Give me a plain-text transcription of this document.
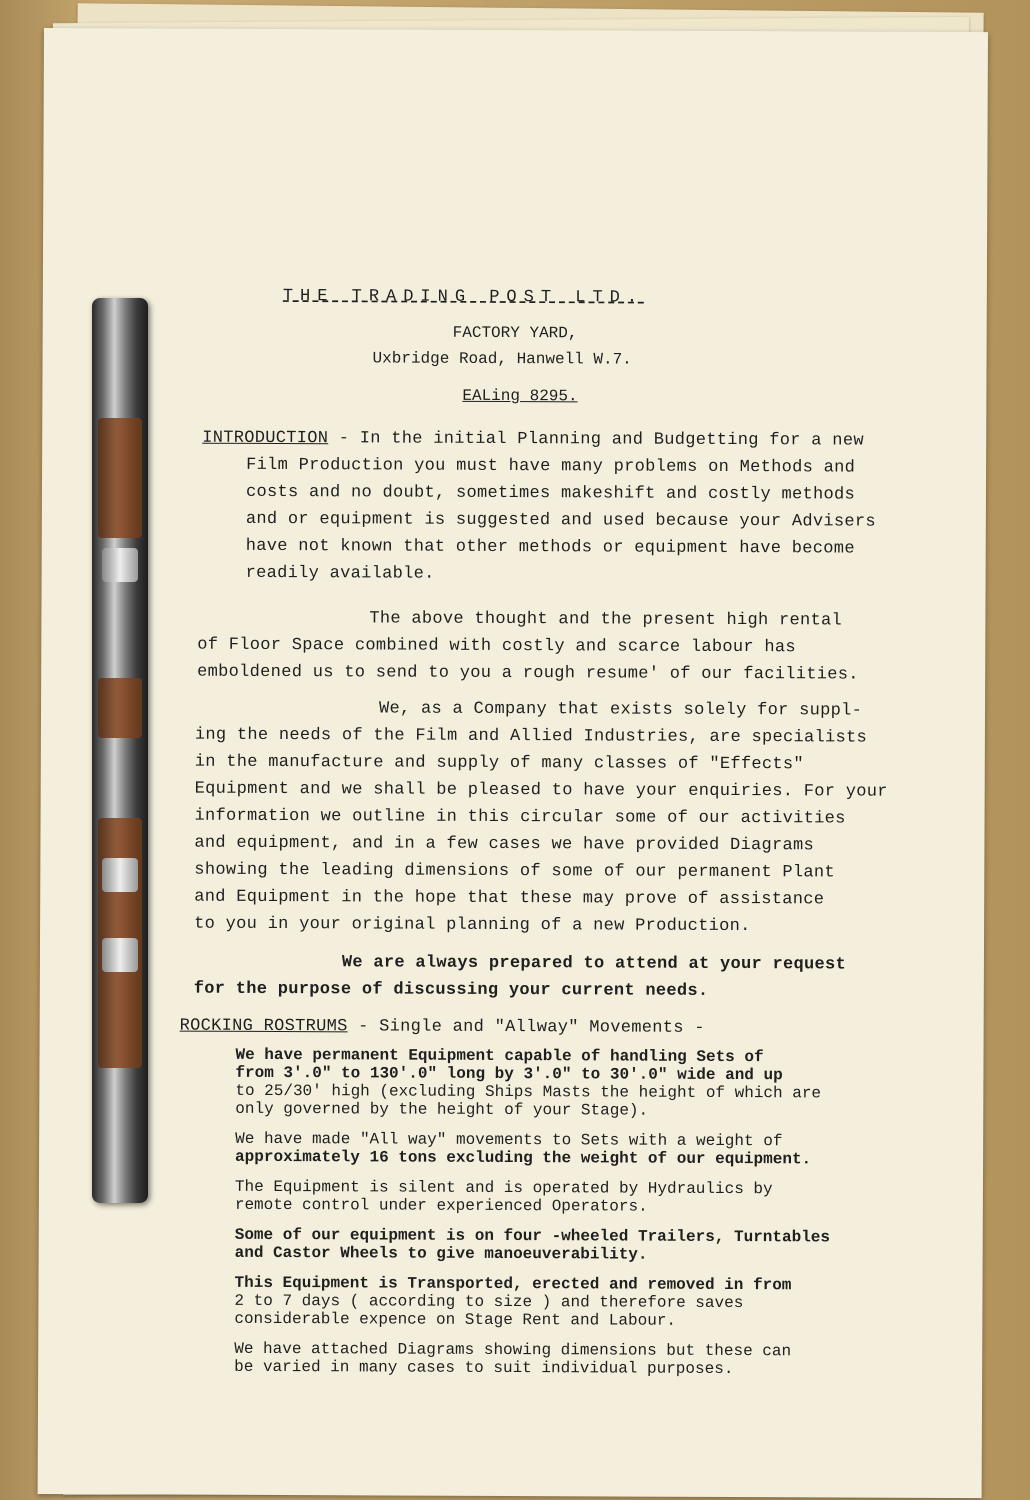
THE TRADING POST LTD.
FACTORY YARD,
Uxbridge Road, Hanwell W.7.
EALing 8295.
INTRODUCTION - In the initial Planning and Budgetting for a new
Film Production you must have many problems on Methods and
costs and no doubt, sometimes makeshift and costly methods
and or equipment is suggested and used because your Advisers
have not known that other methods or equipment have become
readily available.
The above thought and the present high rental
of Floor Space combined with costly and scarce labour has
emboldened us to send to you a rough resume' of our facilities.
We, as a Company that exists solely for suppl-
ing the needs of the Film and Allied Industries, are specialists
in the manufacture and supply of many classes of "Effects"
Equipment and we shall be pleased to have your enquiries. For your
information we outline in this circular some of our activities
and equipment, and in a few cases we have provided Diagrams
showing the leading dimensions of some of our permanent Plant
and Equipment in the hope that these may prove of assistance
to you in your original planning of a new Production.
We are always prepared to attend at your request
for the purpose of discussing your current needs.
ROCKING ROSTRUMS - Single and "Allway" Movements -
We have permanent Equipment capable of handling Sets of
from 3'.0" to 130'.0" long by 3'.0" to 30'.0" wide and up
to 25/30' high (excluding Ships Masts the height of which are
only governed by the height of your Stage).
We have made "All way" movements to Sets with a weight of
approximately 16 tons excluding the weight of our equipment.
The Equipment is silent and is operated by Hydraulics by
remote control under experienced Operators.
Some of our equipment is on four -wheeled Trailers, Turntables
and Castor Wheels to give manoeuverability.
This Equipment is Transported, erected and removed in from
2 to 7 days ( according to size ) and therefore saves
considerable expence on Stage Rent and Labour.
We have attached Diagrams showing dimensions but these can
be varied in many cases to suit individual purposes.
